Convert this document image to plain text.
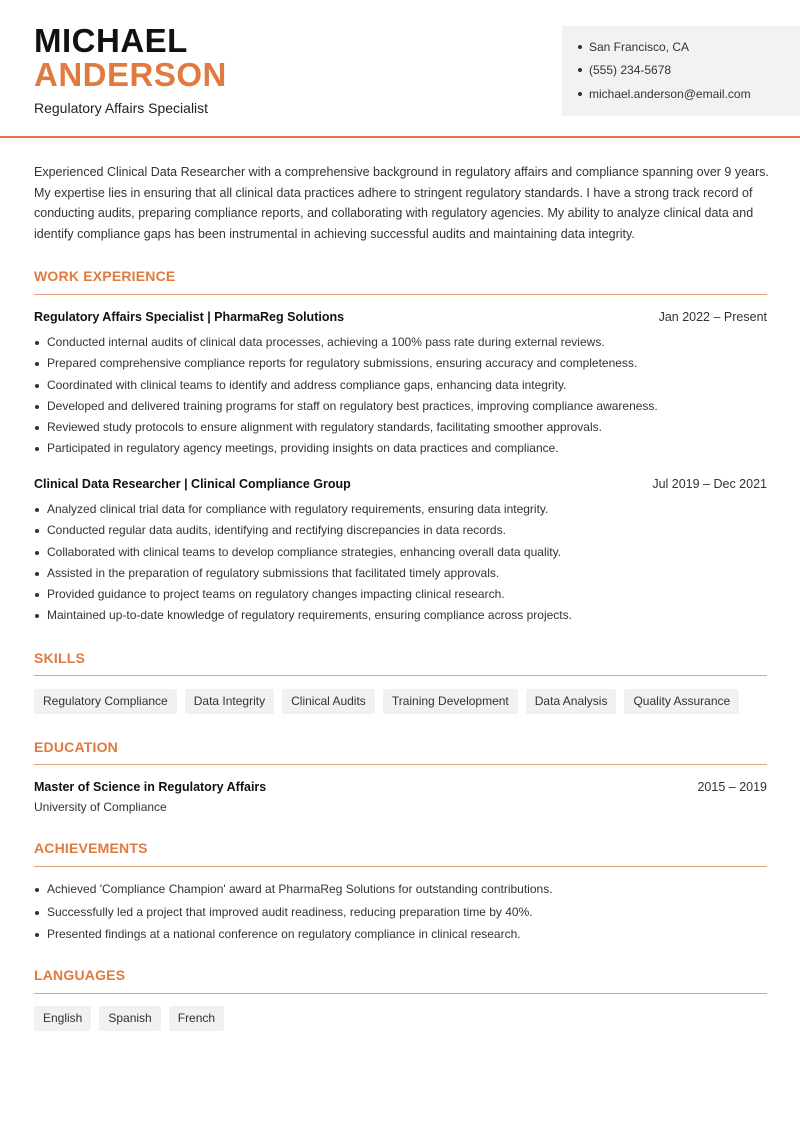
MICHAEL
ANDERSON
Regulatory Affairs Specialist
San Francisco, CA
(555) 234-5678
michael.anderson@email.com
Experienced Clinical Data Researcher with a comprehensive background in regulatory affairs and compliance spanning over 9 years. My expertise lies in ensuring that all clinical data practices adhere to stringent regulatory standards. I have a strong track record of conducting audits, preparing compliance reports, and collaborating with regulatory agencies. My ability to analyze clinical data and identify compliance gaps has been instrumental in achieving successful audits and maintaining data integrity.
WORK EXPERIENCE
Regulatory Affairs Specialist | PharmaReg Solutions	Jan 2022 – Present
Conducted internal audits of clinical data processes, achieving a 100% pass rate during external reviews.
Prepared comprehensive compliance reports for regulatory submissions, ensuring accuracy and completeness.
Coordinated with clinical teams to identify and address compliance gaps, enhancing data integrity.
Developed and delivered training programs for staff on regulatory best practices, improving compliance awareness.
Reviewed study protocols to ensure alignment with regulatory standards, facilitating smoother approvals.
Participated in regulatory agency meetings, providing insights on data practices and compliance.
Clinical Data Researcher | Clinical Compliance Group	Jul 2019 – Dec 2021
Analyzed clinical trial data for compliance with regulatory requirements, ensuring data integrity.
Conducted regular data audits, identifying and rectifying discrepancies in data records.
Collaborated with clinical teams to develop compliance strategies, enhancing overall data quality.
Assisted in the preparation of regulatory submissions that facilitated timely approvals.
Provided guidance to project teams on regulatory changes impacting clinical research.
Maintained up-to-date knowledge of regulatory requirements, ensuring compliance across projects.
SKILLS
Regulatory Compliance	Data Integrity	Clinical Audits	Training Development	Data Analysis	Quality Assurance
EDUCATION
Master of Science in Regulatory Affairs	2015 – 2019
University of Compliance
ACHIEVEMENTS
Achieved 'Compliance Champion' award at PharmaReg Solutions for outstanding contributions.
Successfully led a project that improved audit readiness, reducing preparation time by 40%.
Presented findings at a national conference on regulatory compliance in clinical research.
LANGUAGES
English	Spanish	French
